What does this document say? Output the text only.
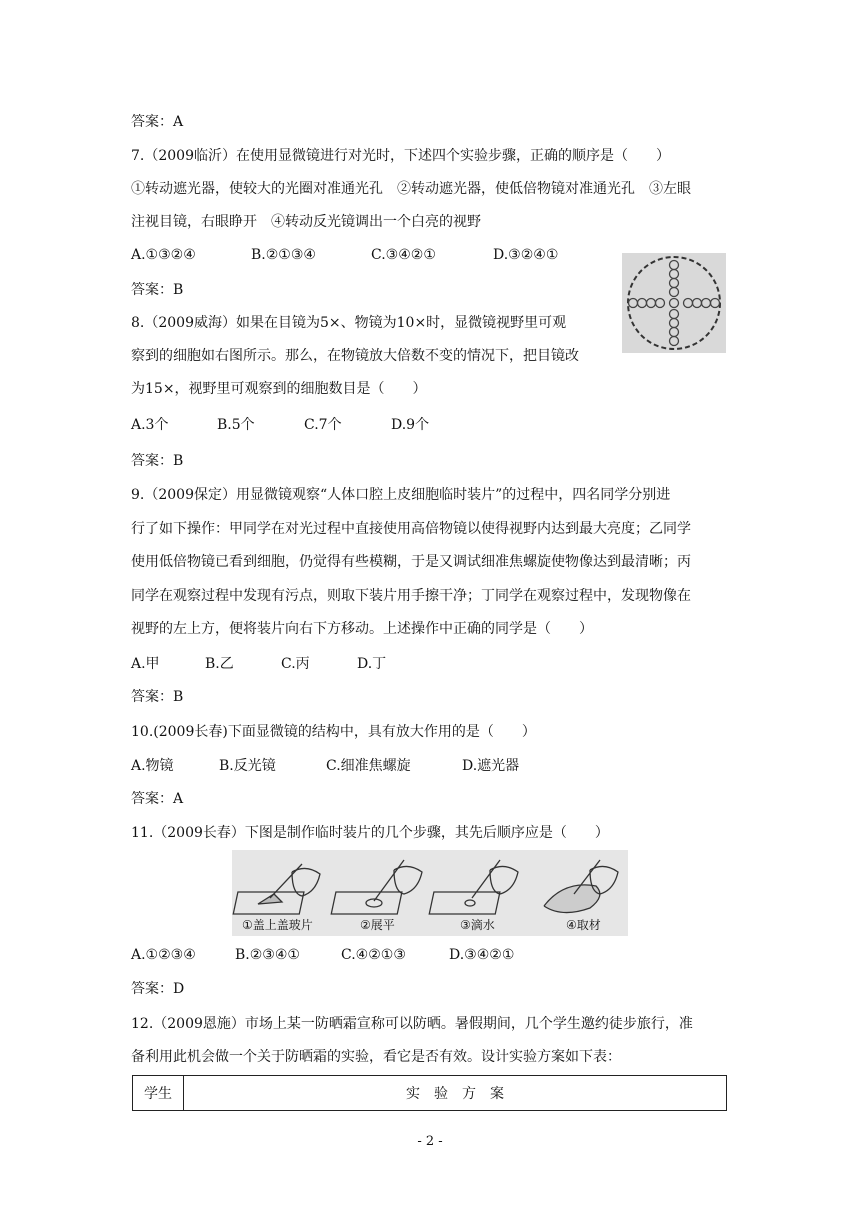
答案：A
7.（2009临沂）在使用显微镜进行对光时，下述四个实验步骤，正确的顺序是（　　）
①转动遮光器，使较大的光圈对准通光孔　②转动遮光器，使低倍物镜对准通光孔　③左眼
注视目镜，右眼睁开　④转动反光镜调出一个白亮的视野
A.①③②④	B.②①③④	C.③④②①	D.③②④①
答案：B
8.（2009威海）如果在目镜为5×、物镜为10×时，显微镜视野里可观
察到的细胞如右图所示。那么，在物镜放大倍数不变的情况下，把目镜改
为15×，视野里可观察到的细胞数目是（　　）
A.3个	B.5个	C.7个	D.9个
答案：B
9.（2009保定）用显微镜观察“人体口腔上皮细胞临时装片”的过程中，四名同学分别进
行了如下操作：甲同学在对光过程中直接使用高倍物镜以使得视野内达到最大亮度；乙同学
使用低倍物镜已看到细胞，仍觉得有些模糊，于是又调试细准焦螺旋使物像达到最清晰；丙
同学在观察过程中发现有污点，则取下装片用手擦干净；丁同学在观察过程中，发现物像在
视野的左上方，便将装片向右下方移动。上述操作中正确的同学是（　　）
A.甲	B.乙	C.丙	D.丁
答案：B
10.(2009长春)下面显微镜的结构中，具有放大作用的是（　　）
A.物镜	B.反光镜	C.细准焦螺旋	D.遮光器
答案：A
11.（2009长春）下图是制作临时装片的几个步骤，其先后顺序应是（　　）
①盖上盖玻片	②展平	③滴水	④取材
A.①②③④	B.②③④①	C.④②①③	D.③④②①
答案：D
12.（2009恩施）市场上某一防晒霜宣称可以防晒。暑假期间，几个学生邀约徒步旅行，准
备利用此机会做一个关于防晒霜的实验，看它是否有效。设计实验方案如下表：
学生	实　验　方　案
- 2 -
